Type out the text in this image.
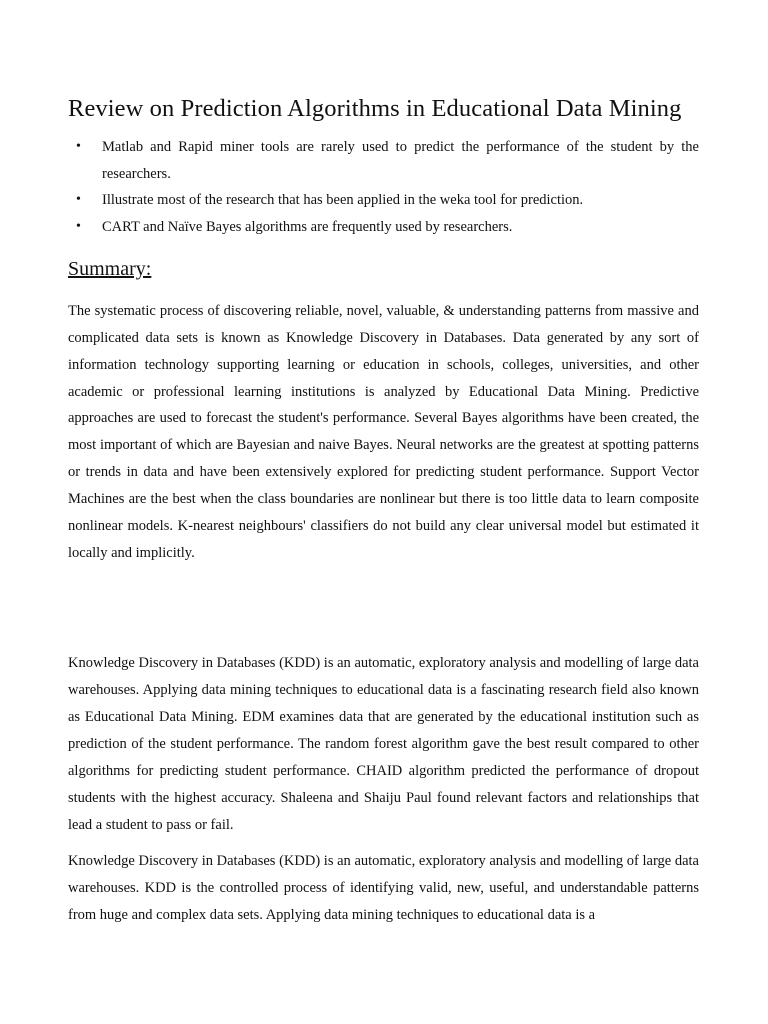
Review on Prediction Algorithms in Educational Data Mining
• Matlab and Rapid miner tools are rarely used to predict the performance of the student by the researchers.
• Illustrate most of the research that has been applied in the weka tool for prediction.
• CART and Naïve Bayes algorithms are frequently used by researchers.
Summary:

The systematic process of discovering reliable, novel, valuable, & understanding patterns from massive and complicated data sets is known as Knowledge Discovery in Databases. Data generated by any sort of information technology supporting learning or education in schools, colleges, universities, and other academic or professional learning institutions is analyzed by Educational Data Mining. Predictive approaches are used to forecast the student's performance. Several Bayes algorithms have been created, the most important of which are Bayesian and naive Bayes. Neural networks are the greatest at spotting patterns or trends in data and have been extensively explored for predicting student performance. Support Vector Machines are the best when the class boundaries are nonlinear but there is too little data to learn composite nonlinear models. K-nearest neighbours' classifiers do not build any clear universal model but estimated it locally and implicitly.

Knowledge Discovery in Databases (KDD) is an automatic, exploratory analysis and modelling of large data warehouses. Applying data mining techniques to educational data is a fascinating research field also known as Educational Data Mining. EDM examines data that are generated by the educational institution such as prediction of the student performance. The random forest algorithm gave the best result compared to other algorithms for predicting student performance. CHAID algorithm predicted the performance of dropout students with the highest accuracy. Shaleena and Shaiju Paul found relevant factors and relationships that lead a student to pass or fail.

Knowledge Discovery in Databases (KDD) is an automatic, exploratory analysis and modelling of large data warehouses. KDD is the controlled process of identifying valid, new, useful, and understandable patterns from huge and complex data sets. Applying data mining techniques to educational data is a
